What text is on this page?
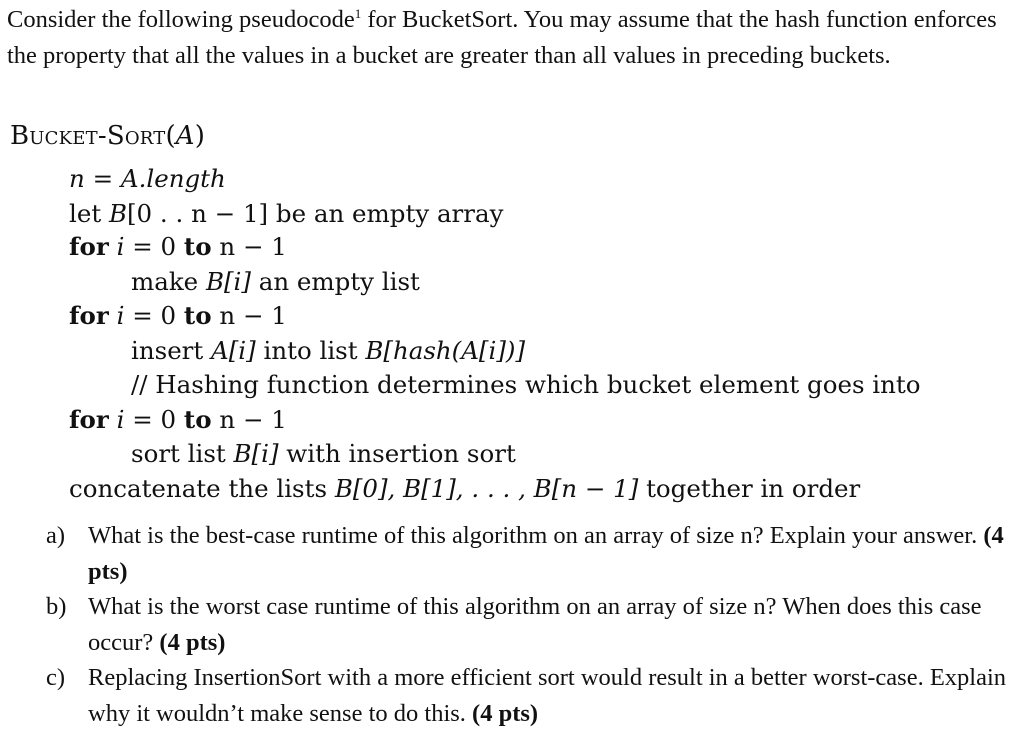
Consider the following pseudocode$^1$ for BucketSort. You may assume that the hash function enforces the property that all the values in a bucket are greater than all values in preceding buckets.
Bucket-Sort(A)
n = A.length
let B[0 . . n − 1] be an empty array
for i = 0 to n − 1
make B[i] an empty list
for i = 0 to n − 1
insert A[i] into list B[hash(A[i])]
// Hashing function determines which bucket element goes into
for i = 0 to n − 1
sort list B[i] with insertion sort
concatenate the lists B[0], B[1], . . . , B[n − 1] together in order
a) What is the best-case runtime of this algorithm on an array of size n? Explain your answer. (4 pts)
b) What is the worst case runtime of this algorithm on an array of size n? When does this case occur? (4 pts)
c) Replacing InsertionSort with a more efficient sort would result in a better worst-case. Explain why it wouldn’t make sense to do this. (4 pts)
